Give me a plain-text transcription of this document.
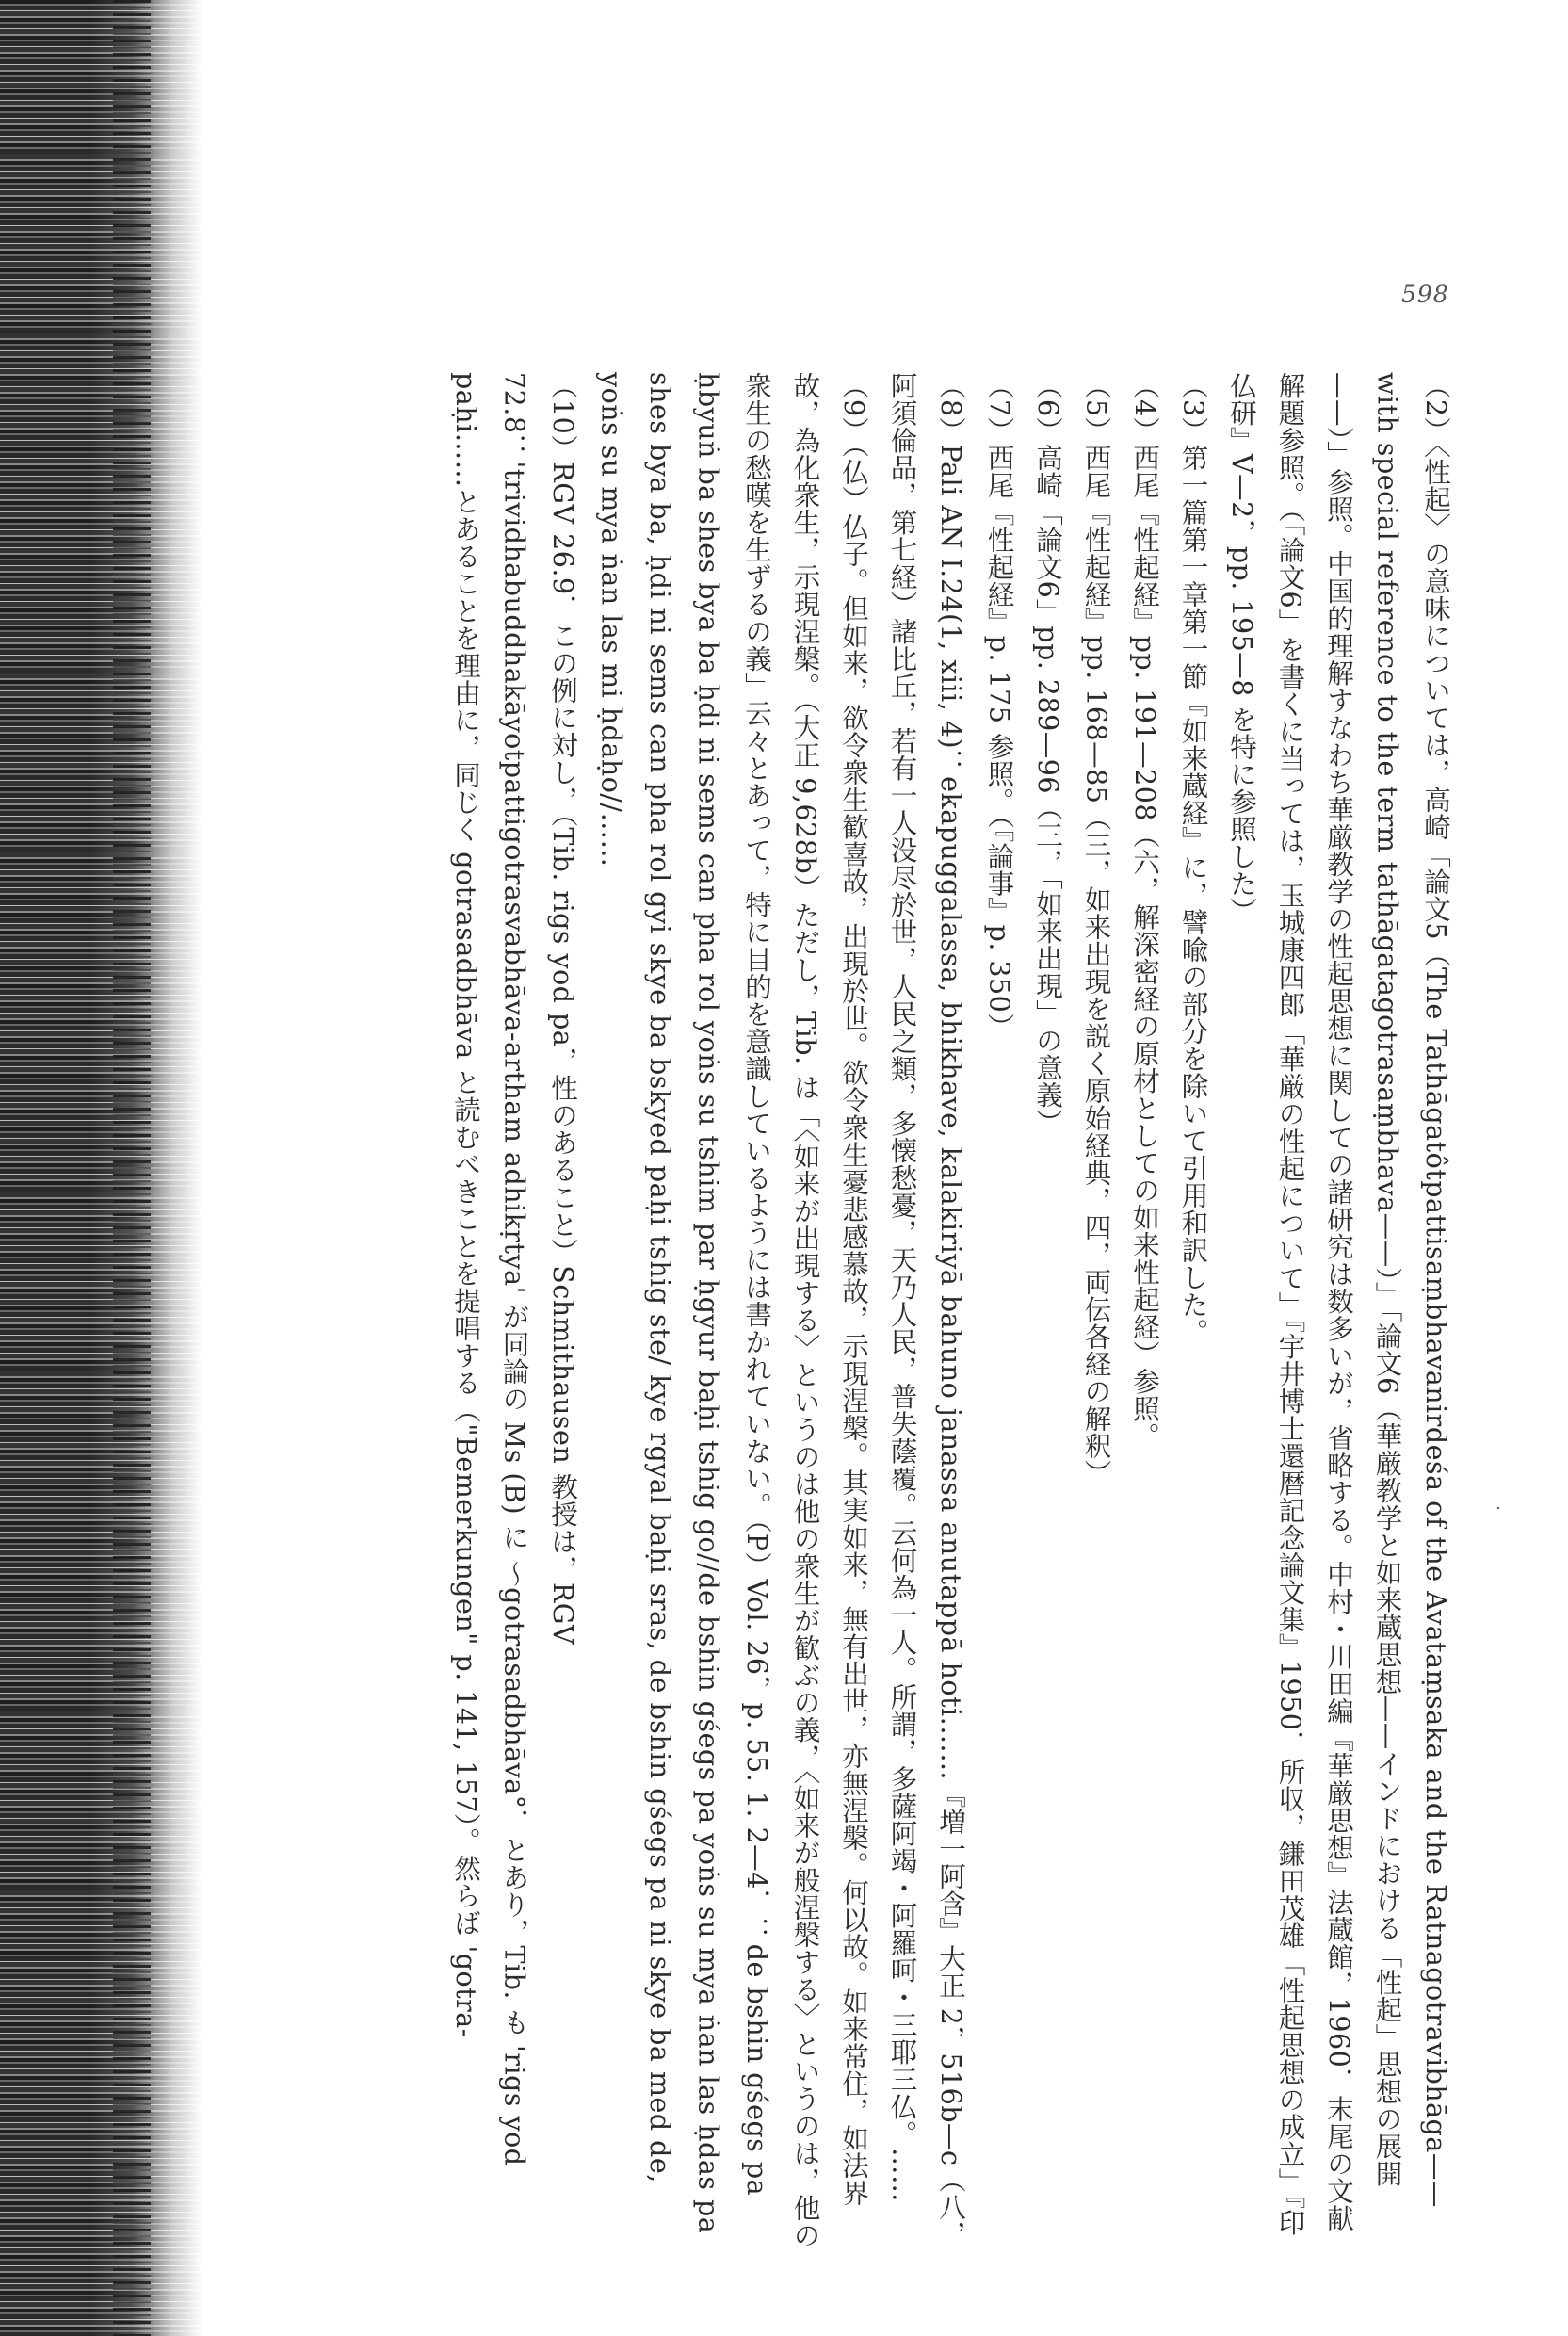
598

（2）〈性起〉の意味については，高崎「論文5（The Tathāgatôtpattisaṃbhavanirdeśa of the Avataṃsaka and the Ratnagotravibhāga——with special reference to the term tathāgatagotrasaṃbhava——）」「論文6（華厳教学と如来蔵思想——インドにおける「性起」思想の展開——）」参照。中国的理解すなわち華厳教学の性起思想に関しての諸研究は数多いが，省略する。中村・川田編『華厳思想』法蔵館，1960．末尾の文献解題参照。（「論文6」を書くに当っては，玉城康四郎「華厳の性起について」『宇井博士還暦記念論文集』1950．所収，鎌田茂雄「性起思想の成立」『印仏研』V—2，pp. 195—8 を特に参照した）

（3）第一篇第一章第一節『如来蔵経』に，譬喩の部分を除いて引用和訳した。

（4）西尾『性起経』pp. 191—208（六，解深密経の原材としての如来性起経）参照。

（5）西尾『性起経』pp. 168—85（三，如来出現を説く原始経典，四，両伝各経の解釈）

（6）高崎「論文6」pp. 289—96（三，「如来出現」の意義）

（7）西尾『性起経』p. 175 参照。（『論事』p. 350）

（8）Pali AN I.24(1, xiii, 4)：ekapuggalassa, bhikhave, kalakiriyā bahuno janassa anutappā hoti.……『増一阿含』大正 2，516b—c（八，阿須倫品，第七経）諸比丘，若有一人没尽於世，人民之類，多懐愁憂，天乃人民，普失蔭覆。云何為一人。所謂，多薩阿竭・阿羅呵・三耶三仏。……

（9）（仏）仏子。但如来，欲令衆生歓喜故，出現於世。欲令衆生憂悲感慕故，示現涅槃。其実如来，無有出世，亦無涅槃。何以故。如来常住，如法界故，為化衆生，示現涅槃。（大正 9,628b）ただし，Tib. は「〈如来が出現する〉というのは他の衆生が歓ぶの義，〈如来が般涅槃する〉というのは，他の衆生の愁嘆を生ずるの義」云々とあって，特に目的を意識しているようには書かれていない。（P）Vol. 26，p. 55. 1. 2—4．：de bshin gśegs pa ḥbyuṅ ba shes bya ba ḥdi ni sems can pha rol yoṅs su tshim par ḥgyur baḥi tshig go//de bshin gśegs pa yoṅs su mya ṅan las ḥdas pa shes bya ba, ḥdi ni sems can pha rol gyi skye ba bskyed paḥi tshig ste/ kye rgyal baḥi sras, de bshin gśegs pa ni skye ba med de, yoṅs su mya ṅan las mi ḥdaḥo//……

（10）RGV 26.9．この例に対し，（Tib. rigs yod pa，性のあること）Schmithausen 教授は，RGV 72.8：'trividhabuddhakāyotpattigotrasvabhāva-artham adhikṛtya' が同論の Ms (B) に ～gotrasadbhāva°．とあり，Tib. も 'rigs yod paḥi……とあることを理由に，同じく gotrasadbhāva と読むべきことを提唱する（"Bemerkungen" p. 141, 157）。然らば 'gotra-
